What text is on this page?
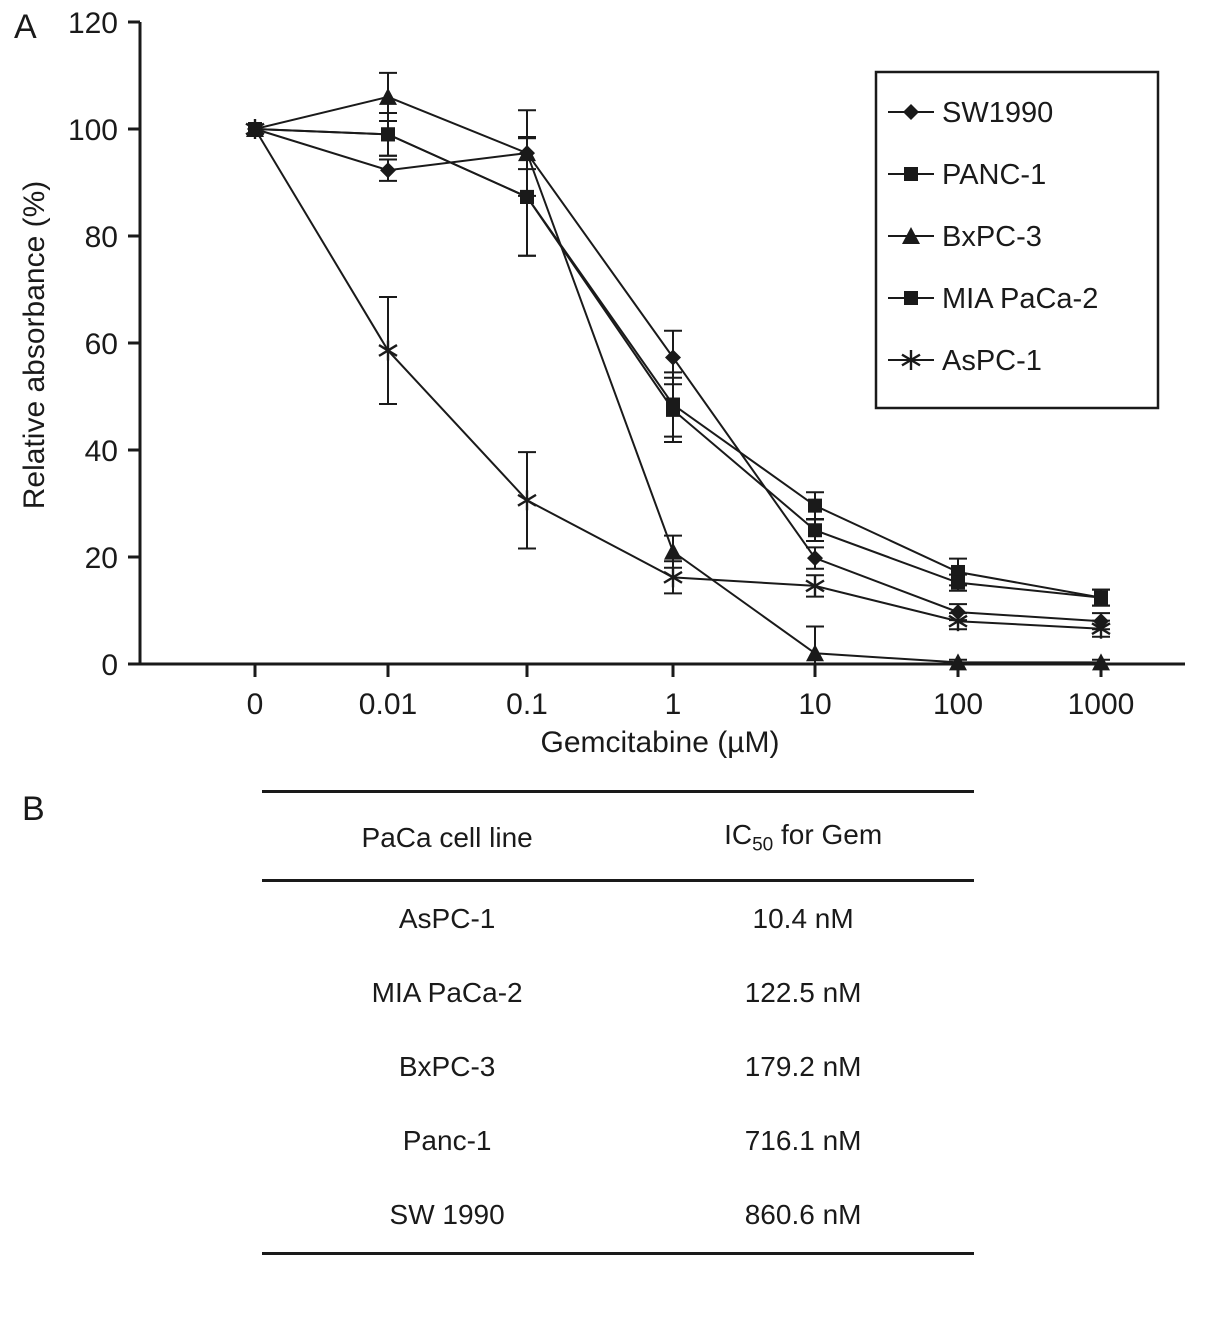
A
B
0
20
40
60
80
100
120
0	0.01	0.1	1	10	100	1000
SW1990
PANC-1
BxPC-3
MIA PaCa-2
AsPC-1
Relative absorbance (%)
Gemcitabine (µM)
PaCa cell line	$IC_{50}$ for Gem
AsPC-1	10.4 nM
MIA PaCa-2	122.5 nM
BxPC-3	179.2 nM
Panc-1	716.1 nM
SW 1990	860.6 nM
